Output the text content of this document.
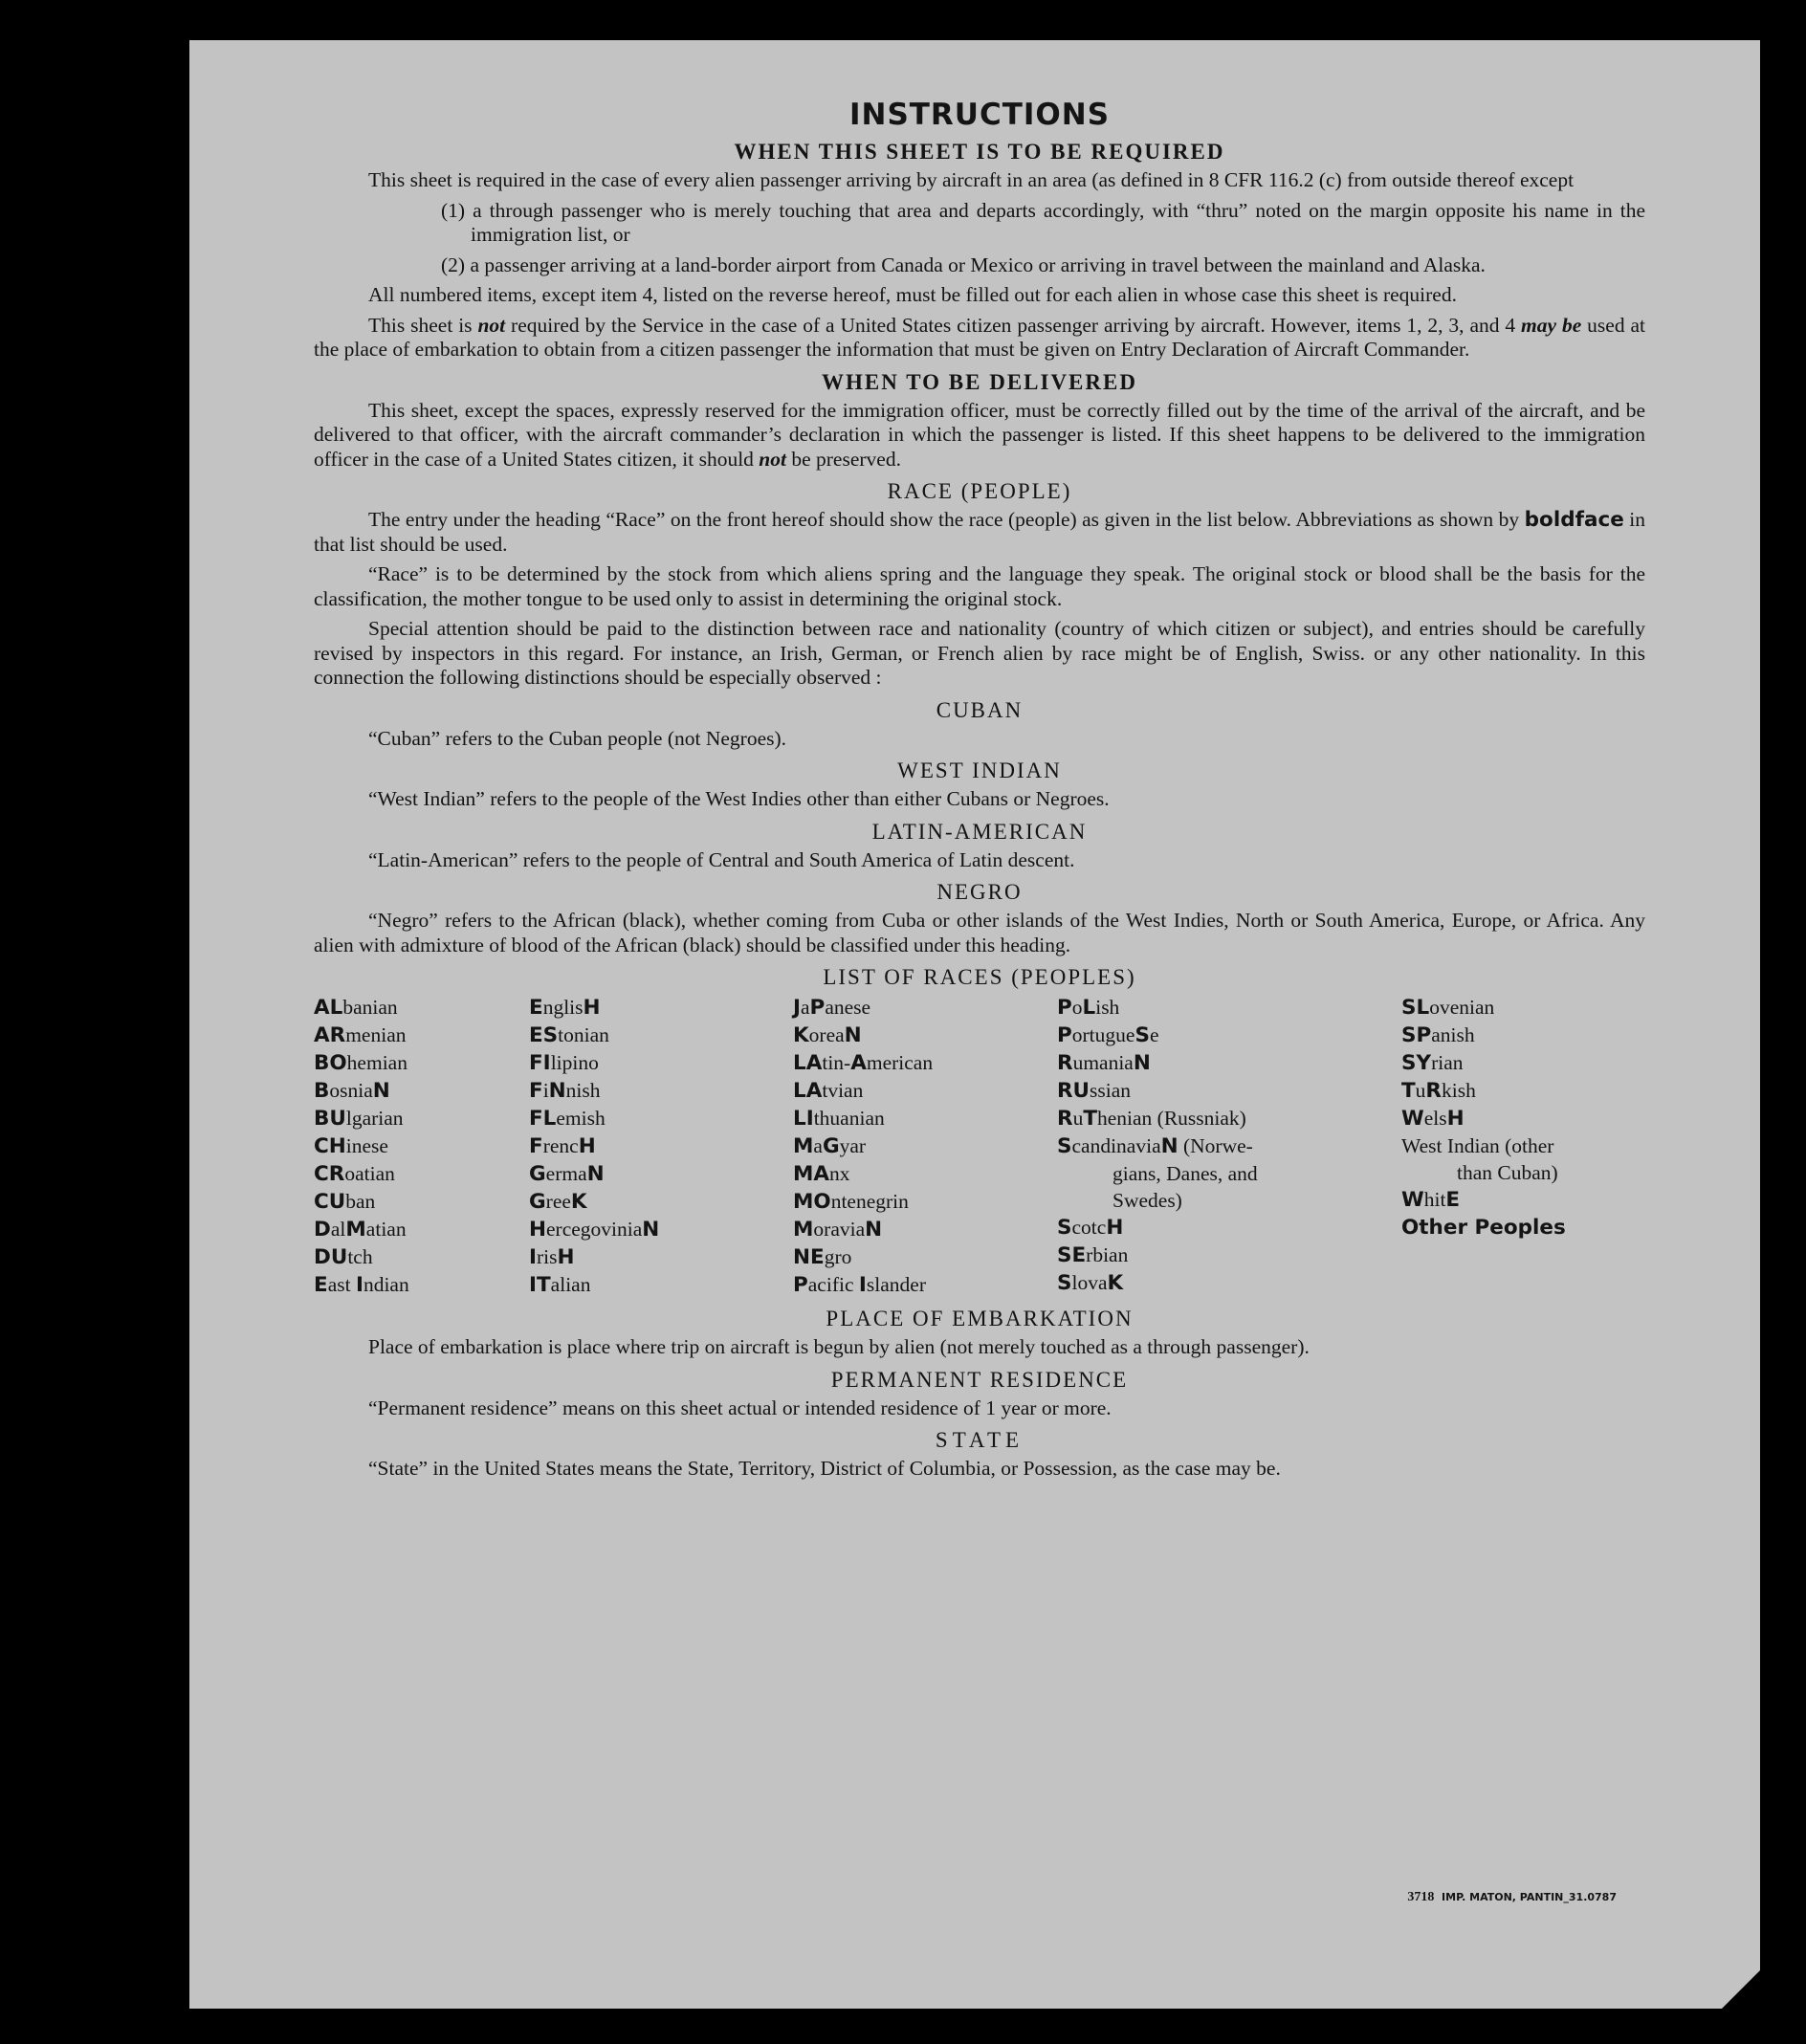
INSTRUCTIONS
WHEN THIS SHEET IS TO BE REQUIRED

This sheet is required in the case of every alien passenger arriving by aircraft in an area (as defined in 8 CFR 116.2 (c) from outside thereof except

(1) a through passenger who is merely touching that area and departs accordingly, with “thru” noted on the margin opposite his name in the immigration list, or
(2) a passenger arriving at a land-border airport from Canada or Mexico or arriving in travel between the mainland and Alaska.

All numbered items, except item 4, listed on the reverse hereof, must be filled out for each alien in whose case this sheet is required.

This sheet is not required by the Service in the case of a United States citizen passenger arriving by aircraft. However, items 1, 2, 3, and 4 may be used at the place of embarkation to obtain from a citizen passenger the information that must be given on Entry Declaration of Aircraft Commander.

WHEN TO BE DELIVERED

This sheet, except the spaces, expressly reserved for the immigration officer, must be correctly filled out by the time of the arrival of the aircraft, and be delivered to that officer, with the aircraft commander’s declaration in which the passenger is listed. If this sheet happens to be delivered to the immigration officer in the case of a United States citizen, it should not be preserved.

RACE (PEOPLE)

The entry under the heading “Race” on the front hereof should show the race (people) as given in the list below. Abbreviations as shown by boldface in that list should be used.

“Race” is to be determined by the stock from which aliens spring and the language they speak. The original stock or blood shall be the basis for the classification, the mother tongue to be used only to assist in determining the original stock.

Special attention should be paid to the distinction between race and nationality (country of which citizen or subject), and entries should be carefully revised by inspectors in this regard. For instance, an Irish, German, or French alien by race might be of English, Swiss. or any other nationality. In this connection the following distinctions should be especially observed :

CUBAN

“Cuban” refers to the Cuban people (not Negroes).

WEST INDIAN

“West Indian” refers to the people of the West Indies other than either Cubans or Negroes.

LATIN-AMERICAN

“Latin-American” refers to the people of Central and South America of Latin descent.

NEGRO

“Negro” refers to the African (black), whether coming from Cuba or other islands of the West Indies, North or South America, Europe, or Africa. Any alien with admixture of blood of the African (black) should be classified under this heading.

LIST OF RACES (PEOPLES)
ALbanian
ARmenian
BOhemian
BosniaN
BUlgarian
CHinese
CRoatian
CUban
DalMatian
DUtch
East Indian
EnglisH
EStonian
FIlipino
FiNnish
FLemish
FrencH
GermaN
GreeK
HercegoviniaN
IrisH
ITalian
JaPanese
KoreaN
LAtin-American
LAtvian
LIthuanian
MaGyar
MAnx
MOntenegrin
MoraviaN
NEgro
Pacific Islander
PoLish
PortugueSe
RumaniaN
RUssian
RuThenian (Russniak)
ScandinaviaN (Norwe-
gians, Danes, and
Swedes)
ScotcH
SErbian
SlovaK
SLovenian
SPanish
SYrian
TuRkish
WelsH
West Indian (other
than Cuban)
WhitE
Other Peoples
PLACE OF EMBARKATION

Place of embarkation is place where trip on aircraft is begun by alien (not merely touched as a through passenger).

PERMANENT RESIDENCE

“Permanent residence” means on this sheet actual or intended residence of 1 year or more.

STATE

“State” in the United States means the State, Territory, District of Columbia, or Possession, as the case may be.

3718 IMP. MATON, PANTIN_31.0787
